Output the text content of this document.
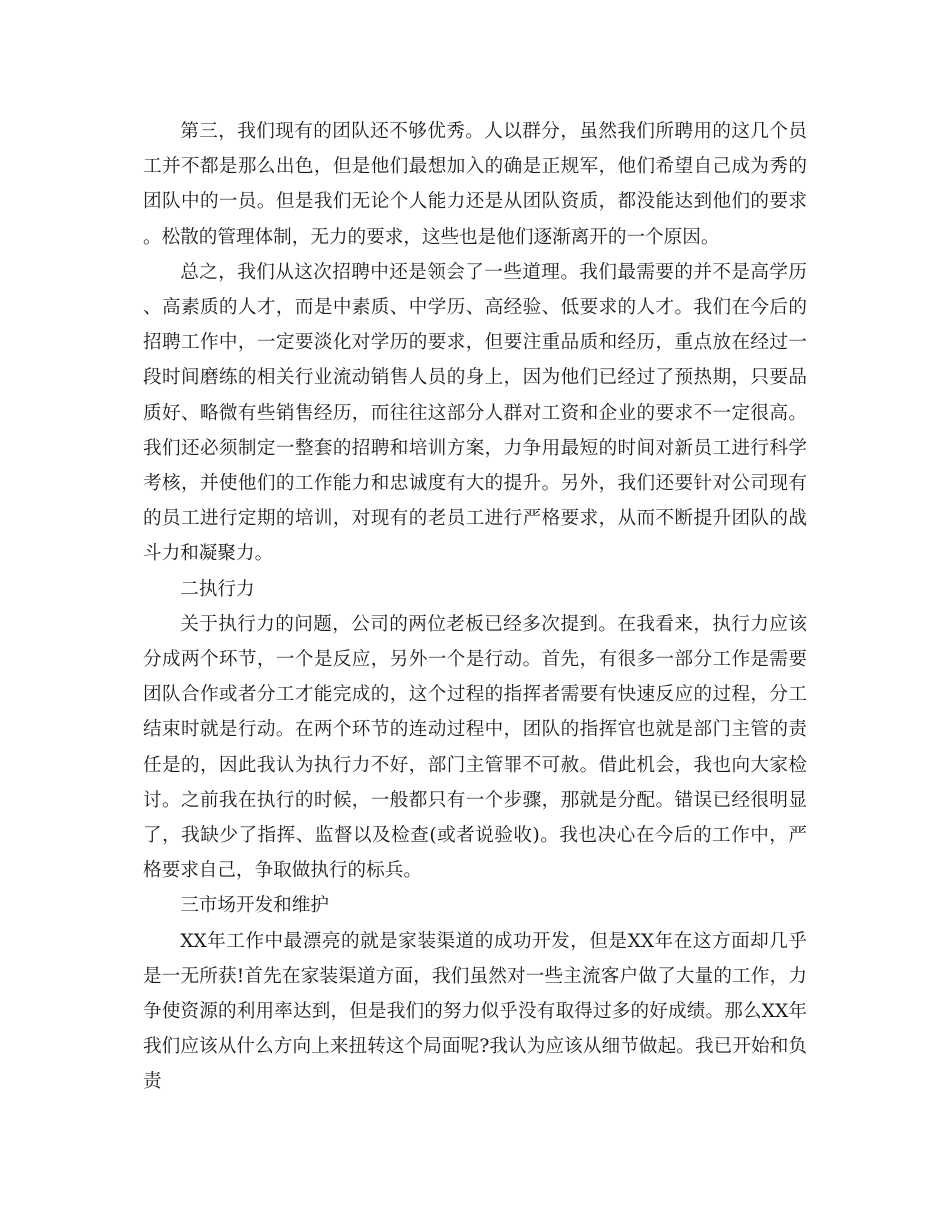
第三，我们现有的团队还不够优秀。人以群分，虽然我们所聘用的这几个员工并不都是那么出色，但是他们最想加入的确是正规军，他们希望自己成为秀的团队中的一员。但是我们无论个人能力还是从团队资质，都没能达到他们的要求。松散的管理体制，无力的要求，这些也是他们逐渐离开的一个原因。

总之，我们从这次招聘中还是领会了一些道理。我们最需要的并不是高学历、高素质的人才，而是中素质、中学历、高经验、低要求的人才。我们在今后的招聘工作中，一定要淡化对学历的要求，但要注重品质和经历，重点放在经过一段时间磨练的相关行业流动销售人员的身上，因为他们已经过了预热期，只要品质好、略微有些销售经历，而往往这部分人群对工资和企业的要求不一定很高。我们还必须制定一整套的招聘和培训方案，力争用最短的时间对新员工进行科学考核，并使他们的工作能力和忠诚度有大的提升。另外，我们还要针对公司现有的员工进行定期的培训，对现有的老员工进行严格要求，从而不断提升团队的战斗力和凝聚力。

二执行力

关于执行力的问题，公司的两位老板已经多次提到。在我看来，执行力应该分成两个环节，一个是反应，另外一个是行动。首先，有很多一部分工作是需要团队合作或者分工才能完成的，这个过程的指挥者需要有快速反应的过程，分工结束时就是行动。在两个环节的连动过程中，团队的指挥官也就是部门主管的责任是的，因此我认为执行力不好，部门主管罪不可赦。借此机会，我也向大家检讨。之前我在执行的时候，一般都只有一个步骤，那就是分配。错误已经很明显了，我缺少了指挥、监督以及检查(或者说验收)。我也决心在今后的工作中，严格要求自己，争取做执行的标兵。

三市场开发和维护

XX年工作中最漂亮的就是家装渠道的成功开发，但是XX年在这方面却几乎是一无所获!首先在家装渠道方面，我们虽然对一些主流客户做了大量的工作，力争使资源的利用率达到，但是我们的努力似乎没有取得过多的好成绩。那么XX年我们应该从什么方向上来扭转这个局面呢?我认为应该从细节做起。我已开始和负责
